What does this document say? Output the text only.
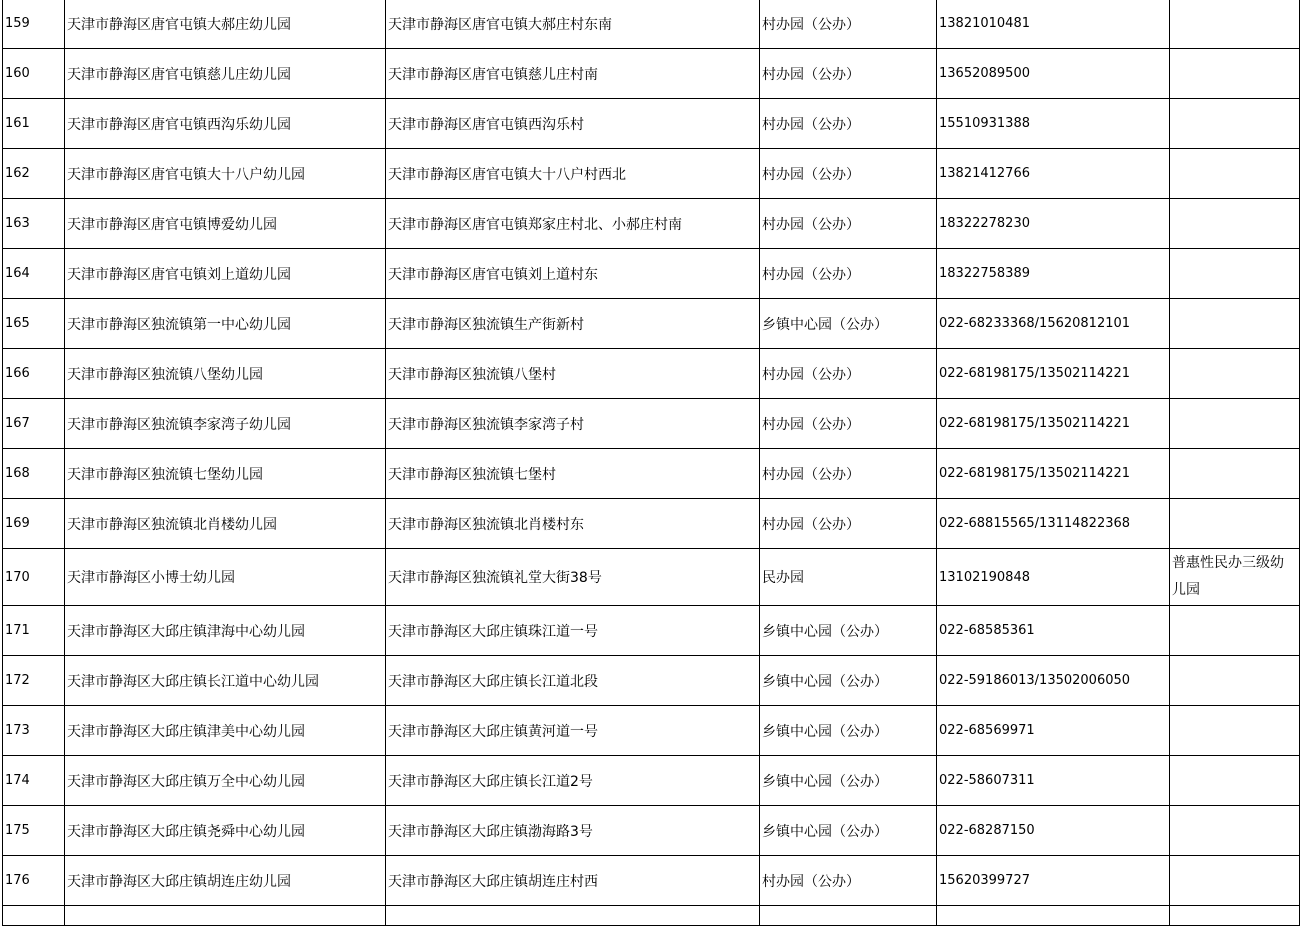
159	天津市静海区唐官屯镇大郝庄幼儿园	天津市静海区唐官屯镇大郝庄村东南	村办园（公办）	13821010481	
160	天津市静海区唐官屯镇慈儿庄幼儿园	天津市静海区唐官屯镇慈儿庄村南	村办园（公办）	13652089500	
161	天津市静海区唐官屯镇西沟乐幼儿园	天津市静海区唐官屯镇西沟乐村	村办园（公办）	15510931388	
162	天津市静海区唐官屯镇大十八户幼儿园	天津市静海区唐官屯镇大十八户村西北	村办园（公办）	13821412766	
163	天津市静海区唐官屯镇博爱幼儿园	天津市静海区唐官屯镇郑家庄村北、小郝庄村南	村办园（公办）	18322278230	
164	天津市静海区唐官屯镇刘上道幼儿园	天津市静海区唐官屯镇刘上道村东	村办园（公办）	18322758389	
165	天津市静海区独流镇第一中心幼儿园	天津市静海区独流镇生产街新村	乡镇中心园（公办）	022-68233368/15620812101	
166	天津市静海区独流镇八堡幼儿园	天津市静海区独流镇八堡村	村办园（公办）	022-68198175/13502114221	
167	天津市静海区独流镇李家湾子幼儿园	天津市静海区独流镇李家湾子村	村办园（公办）	022-68198175/13502114221	
168	天津市静海区独流镇七堡幼儿园	天津市静海区独流镇七堡村	村办园（公办）	022-68198175/13502114221	
169	天津市静海区独流镇北肖楼幼儿园	天津市静海区独流镇北肖楼村东	村办园（公办）	022-68815565/13114822368	
170	天津市静海区小博士幼儿园	天津市静海区独流镇礼堂大街38号	民办园	13102190848	普惠性民办三级幼儿园
171	天津市静海区大邱庄镇津海中心幼儿园	天津市静海区大邱庄镇珠江道一号	乡镇中心园（公办）	022-68585361	
172	天津市静海区大邱庄镇长江道中心幼儿园	天津市静海区大邱庄镇长江道北段	乡镇中心园（公办）	022-59186013/13502006050	
173	天津市静海区大邱庄镇津美中心幼儿园	天津市静海区大邱庄镇黄河道一号	乡镇中心园（公办）	022-68569971	
174	天津市静海区大邱庄镇万全中心幼儿园	天津市静海区大邱庄镇长江道2号	乡镇中心园（公办）	022-58607311	
175	天津市静海区大邱庄镇尧舜中心幼儿园	天津市静海区大邱庄镇渤海路3号	乡镇中心园（公办）	022-68287150	
176	天津市静海区大邱庄镇胡连庄幼儿园	天津市静海区大邱庄镇胡连庄村西	村办园（公办）	15620399727	
